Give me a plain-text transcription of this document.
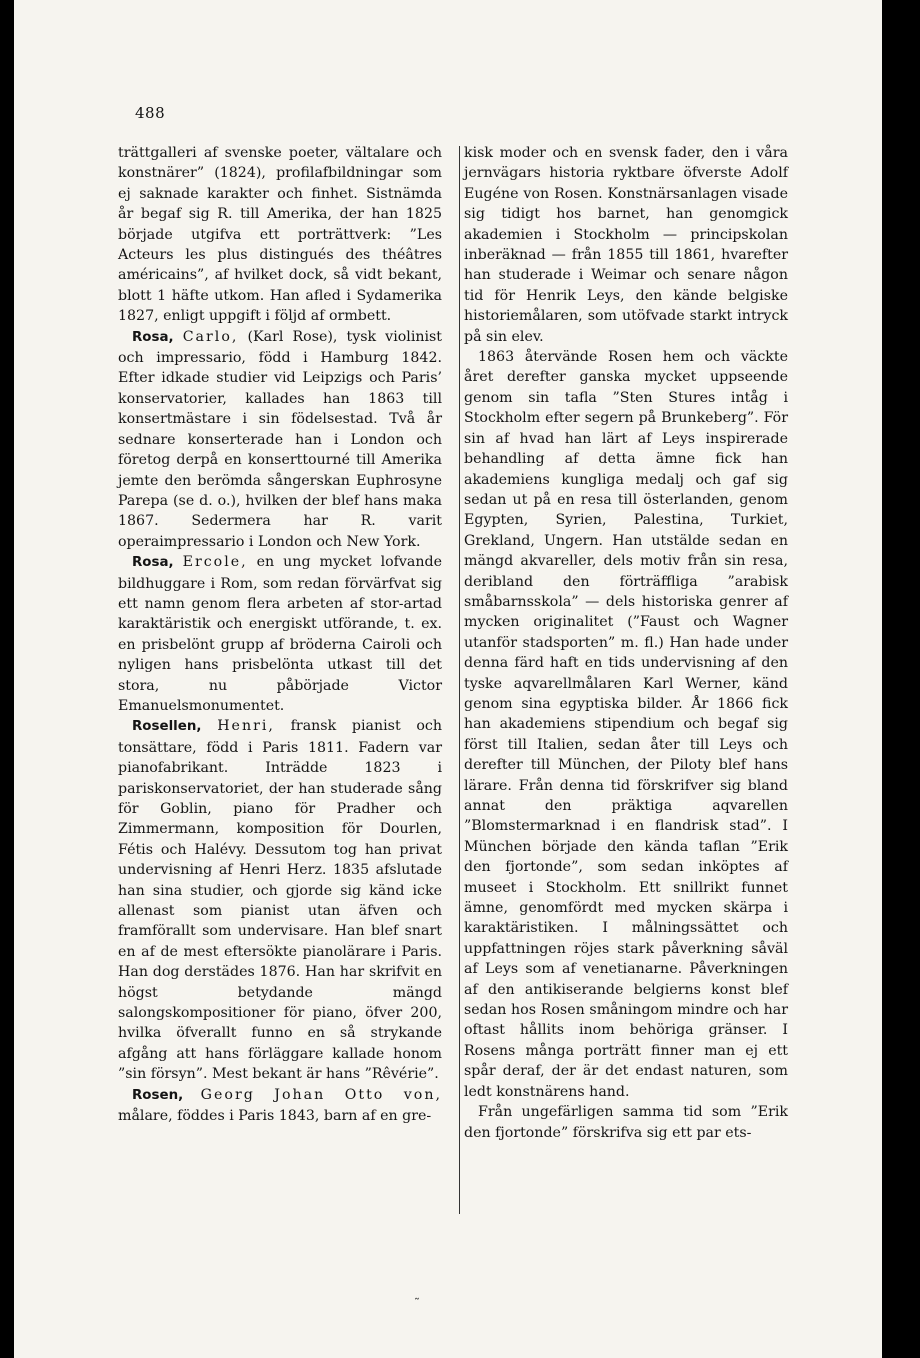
488

trättgalleri af svenske poeter, vältalare och konstnärer” (1824), profilafbildningar som ej saknade karakter och finhet. Sistnämda år begaf sig R. till Amerika, der han 1825 började utgifva ett porträttverk: ”Les Acteurs les plus distingués des théâtres américains”, af hvilket dock, så vidt bekant, blott 1 häfte utkom. Han afled i Sydamerika 1827, enligt uppgift i följd af ormbett.

Rosa, Carlo, (Karl Rose), tysk violinist och impressario, född i Hamburg 1842. Efter idkade studier vid Leipzigs och Paris’ konservatorier, kallades han 1863 till konsertmästare i sin födelsestad. Två år sednare konserterade han i London och företog derpå en konserttourné till Amerika jemte den berömda sångerskan Euphrosyne Parepa (se d. o.), hvilken der blef hans maka 1867. Sedermera har R. varit operaimpressario i London och New York.

Rosa, Ercole, en ung mycket lofvande bildhuggare i Rom, som redan förvärfvat sig ett namn genom flera arbeten af stor-artad karaktäristik och energiskt utförande, t. ex. en prisbelönt grupp af bröderna Cairoli och nyligen hans prisbelönta utkast till det stora, nu påbörjade Victor Emanuelsmonumentet.

Rosellen, Henri, fransk pianist och tonsättare, född i Paris 1811. Fadern var pianofabrikant. Inträdde 1823 i pariskonservatoriet, der han studerade sång för Goblin, piano för Pradher och Zimmermann, komposition för Dourlen, Fétis och Halévy. Dessutom tog han privat undervisning af Henri Herz. 1835 afslutade han sina studier, och gjorde sig känd icke allenast som pianist utan äfven och framförallt som undervisare. Han blef snart en af de mest eftersökte pianolärare i Paris. Han dog derstädes 1876. Han har skrifvit en högst betydande mängd salongskompositioner för piano, öfver 200, hvilka öfverallt funno en så strykande afgång att hans förläggare kallade honom ”sin försyn”. Mest bekant är hans ”Rêvérie”.

Rosen, Georg Johan Otto von, målare, föddes i Paris 1843, barn af en gre-

kisk moder och en svensk fader, den i våra jernvägars historia ryktbare öfverste Adolf Eugéne von Rosen. Konstnärsanlagen visade sig tidigt hos barnet, han genomgick akademien i Stockholm — principskolan inberäknad — från 1855 till 1861, hvarefter han studerade i Weimar och senare någon tid för Henrik Leys, den kände belgiske historiemålaren, som utöfvade starkt intryck på sin elev.

1863 återvände Rosen hem och väckte året derefter ganska mycket uppseende genom sin tafla ”Sten Stures intåg i Stockholm efter segern på Brunkeberg”. För sin af hvad han lärt af Leys inspirerade behandling af detta ämne fick han akademiens kungliga medalj och gaf sig sedan ut på en resa till österlanden, genom Egypten, Syrien, Palestina, Turkiet, Grekland, Ungern. Han utstälde sedan en mängd akvareller, dels motiv från sin resa, deribland den förträffliga ”arabisk småbarnsskola” — dels historiska genrer af mycken originalitet (”Faust och Wagner utanför stadsporten” m. fl.) Han hade under denna färd haft en tids undervisning af den tyske aqvarellmålaren Karl Werner, känd genom sina egyptiska bilder. År 1866 fick han akademiens stipendium och begaf sig först till Italien, sedan åter till Leys och derefter till München, der Piloty blef hans lärare. Från denna tid förskrifver sig bland annat den präktiga aqvarellen ”Blomstermarknad i en flandrisk stad”. I München började den kända taflan ”Erik den fjortonde”, som sedan inköptes af museet i Stockholm. Ett snillrikt funnet ämne, genomfördt med mycken skärpa i karaktäristiken. I målningssättet och uppfattningen röjes stark påverkning såväl af Leys som af venetianarne. Påverkningen af den antikiserande belgierns konst blef sedan hos Rosen småningom mindre och har oftast hållits inom behöriga gränser. I Rosens många porträtt finner man ej ett spår deraf, der är det endast naturen, som ledt konstnärens hand.

Från ungefärligen samma tid som ”Erik den fjortonde” förskrifva sig ett par ets-

˷
